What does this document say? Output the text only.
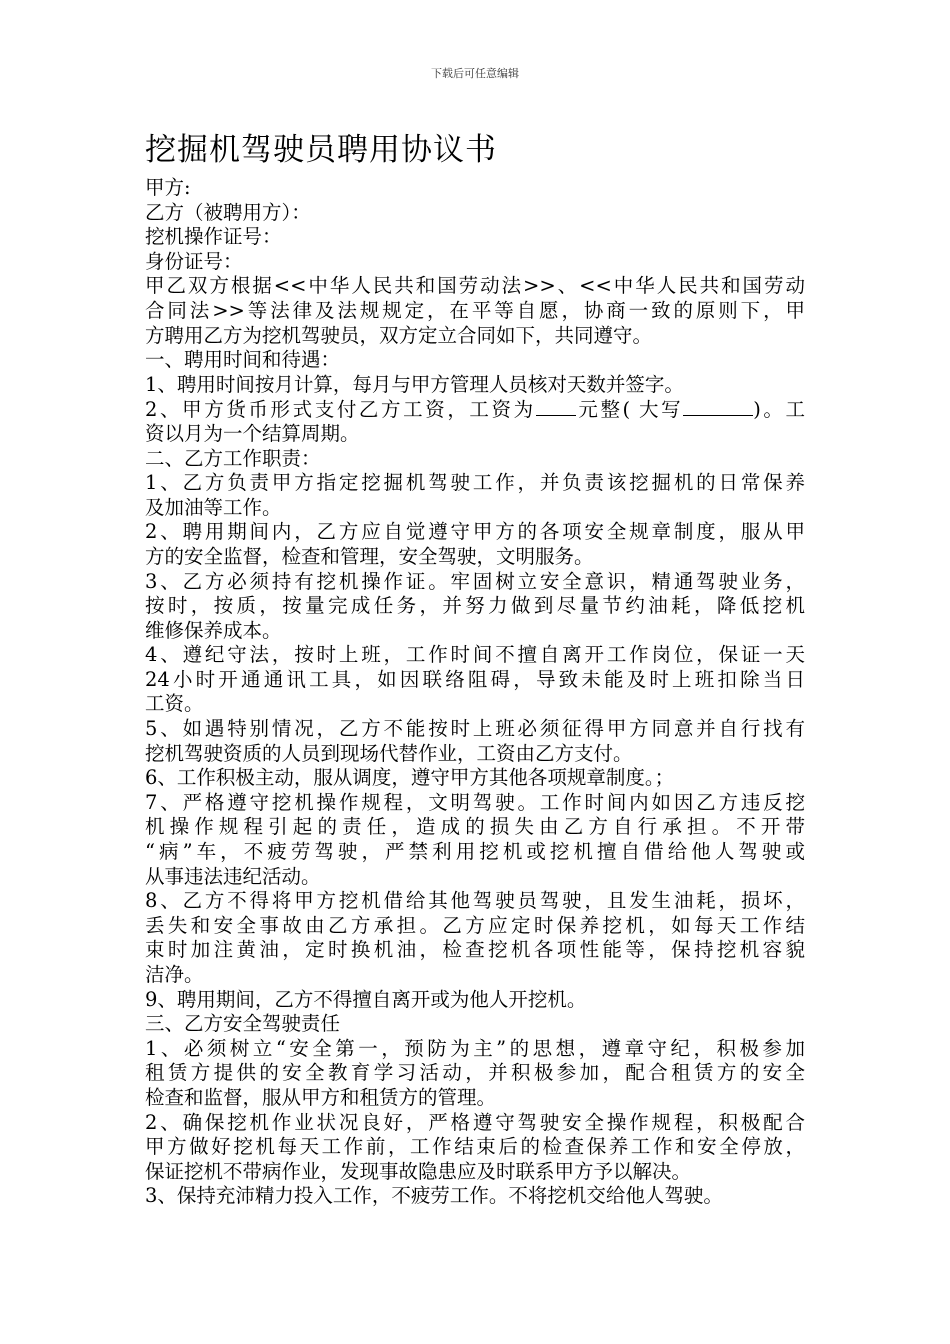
下载后可任意编辑
挖掘机驾驶员聘用协议书
甲方:
乙方（被聘用方）：
挖机操作证号：
身份证号：
甲乙双方根据<<中华人民共和国劳动法>>、<<中华人民共和国劳动
合同法>>等法律及法规规定，在平等自愿，协商一致的原则下，甲
方聘用乙方为挖机驾驶员，双方定立合同如下，共同遵守。
一、聘用时间和待遇：
1、聘用时间按月计算，每月与甲方管理人员核对天数并签字。
2、甲方货币形式支付乙方工资，工资为 元整( 大写	)。工
资以月为一个结算周期。
二、乙方工作职责：
1、乙方负责甲方指定挖掘机驾驶工作，并负责该挖掘机的日常保养
及加油等工作。
2、聘用期间内，乙方应自觉遵守甲方的各项安全规章制度，服从甲
方的安全监督，检查和管理，安全驾驶，文明服务。
3、乙方必须持有挖机操作证。牢固树立安全意识，精通驾驶业务，
按时，按质，按量完成任务，并努力做到尽量节约油耗，降低挖机
维修保养成本。
4、遵纪守法，按时上班，工作时间不擅自离开工作岗位，保证一天
24小时开通通讯工具，如因联络阻碍，导致未能及时上班扣除当日
工资。
5、如遇特别情况，乙方不能按时上班必须征得甲方同意并自行找有
挖机驾驶资质的人员到现场代替作业，工资由乙方支付。
6、工作积极主动，服从调度，遵守甲方其他各项规章制度。；
7、严格遵守挖机操作规程，文明驾驶。工作时间内如因乙方违反挖
机操作规程引起的责任，造成的损失由乙方自行承担。不开带
“病”车，不疲劳驾驶，严禁利用挖机或挖机擅自借给他人驾驶或
从事违法违纪活动。
8、乙方不得将甲方挖机借给其他驾驶员驾驶，且发生油耗，损坏，
丢失和安全事故由乙方承担。乙方应定时保养挖机，如每天工作结
束时加注黄油，定时换机油，检查挖机各项性能等，保持挖机容貌
洁净。
9、聘用期间，乙方不得擅自离开或为他人开挖机。
三、乙方安全驾驶责任
1、必须树立“安全第一，预防为主”的思想，遵章守纪，积极参加
租赁方提供的安全教育学习活动，并积极参加，配合租赁方的安全
检查和监督，服从甲方和租赁方的管理。
2、确保挖机作业状况良好，严格遵守驾驶安全操作规程，积极配合
甲方做好挖机每天工作前，工作结束后的检查保养工作和安全停放，
保证挖机不带病作业，发现事故隐患应及时联系甲方予以解决。
3、保持充沛精力投入工作，不疲劳工作。不将挖机交给他人驾驶。
